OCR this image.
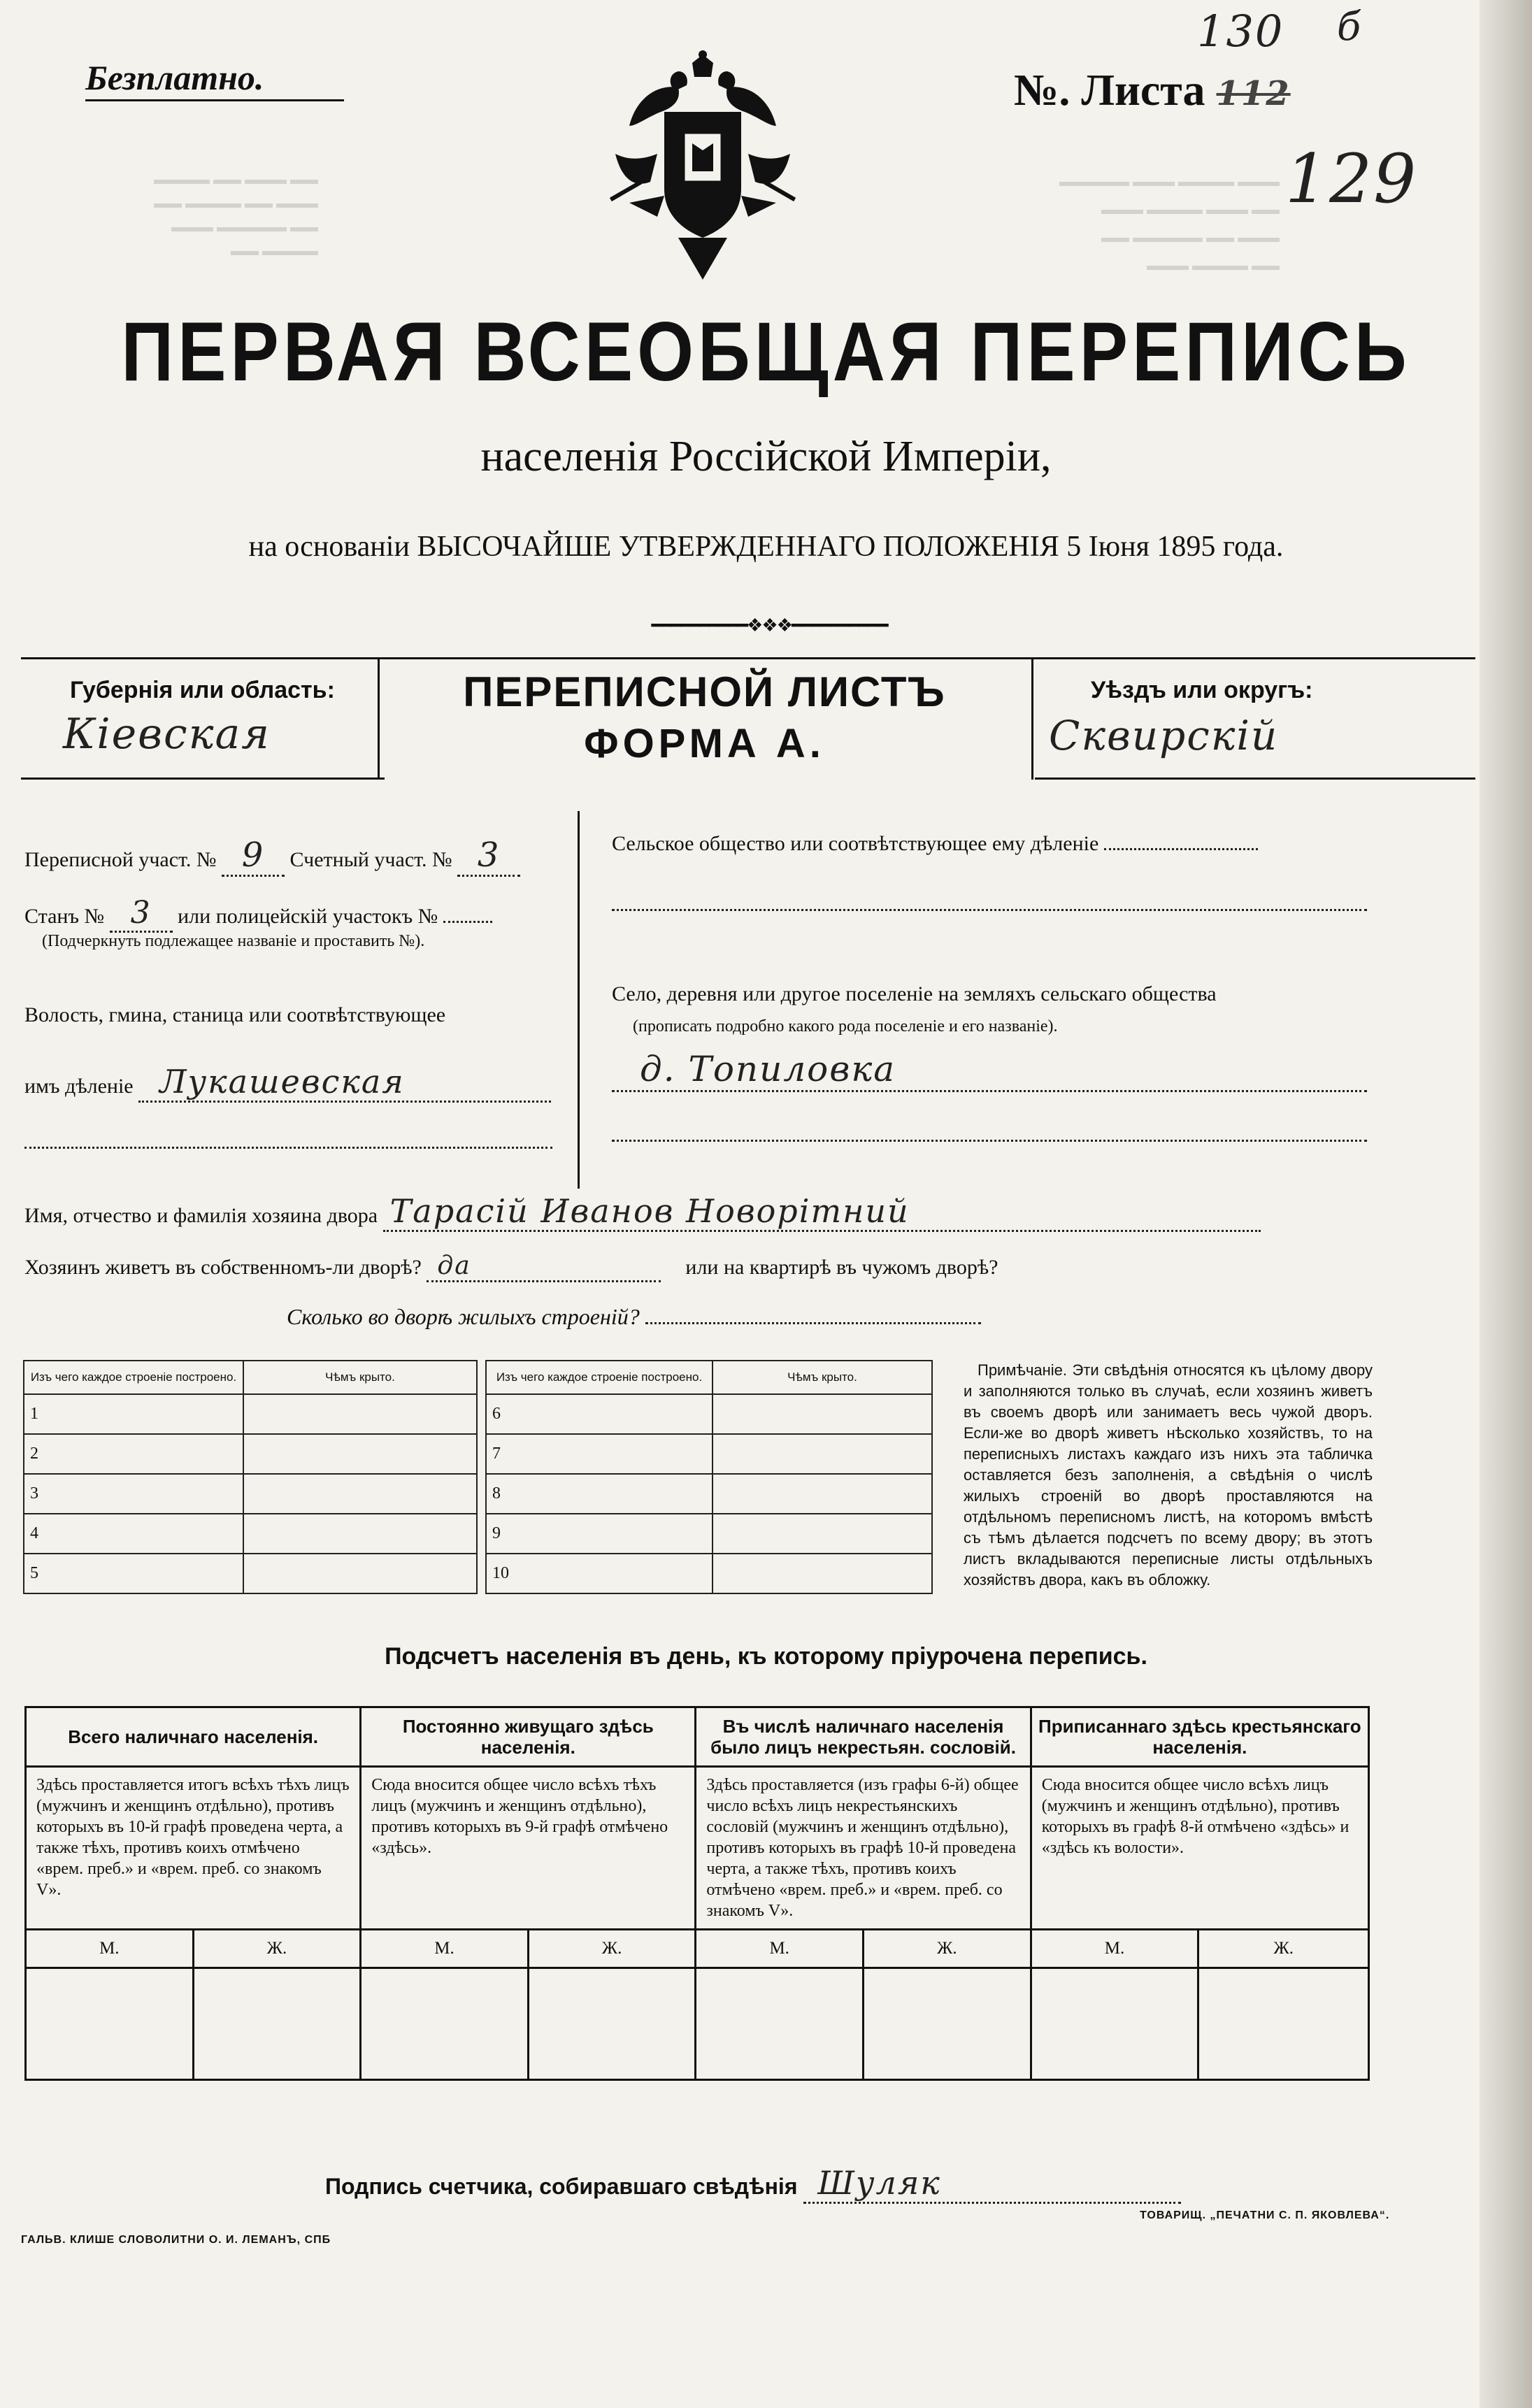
Безплатно.	№. Листа 112
130 б
129
▬▬ ▬▬▬ ▬▬ ▬▬▬▬
▬▬▬ ▬▬ ▬▬▬▬ ▬▬
▬▬ ▬▬▬▬▬ ▬▬▬
▬▬▬▬ ▬▬
▬▬▬ ▬▬▬▬ ▬▬▬ ▬▬▬▬▬
▬▬ ▬▬▬ ▬▬▬▬ ▬▬▬
▬▬▬ ▬▬ ▬▬▬▬▬ ▬▬
▬▬ ▬▬▬▬ ▬▬▬
ПЕРВАЯ ВСЕОБЩАЯ ПЕРЕПИСЬ
населенія Россійской Имперіи,
на основаніи ВЫСОЧАЙШЕ УТВЕРЖДЕННАГО ПОЛОЖЕНІЯ 5 Іюня 1895 года.
━━━━━━━━━━❖❖❖━━━━━━━━━━
Губернія или область:
Кіевская
ПЕРЕПИСНОЙ ЛИСТЪ
ФОРМА А.
Уѣздъ или округъ:
Сквирскій
Переписной участ. № 9 Счетный участ. № 3
Станъ № 3 или полицейскій участокъ №
(Подчеркнуть подлежащее названіе и проставить №).
Волость, гмина, станица или соотвѣтствующее
имъ дѣленіе Лукашевская
Сельское общество или соотвѣтствующее ему дѣленіе
Село, деревня или другое поселеніе на земляхъ сельскаго общества
(прописать подробно какого рода поселеніе и его названіе).
д. Топиловка
Имя, отчество и фамилія хозяина двора Тарасій Иванов Новорітний
Хозяинъ живетъ въ собственномъ-ли дворѣ? да	или на квартирѣ въ чужомъ дворѣ?
Сколько во дворѣ жилыхъ строеній?
Изъ чего каждое строеніе построено.	Чѣмъ крыто.
1	
2	
3	
4	
5	
Изъ чего каждое строеніе построено.	Чѣмъ крыто.
6	
7	
8	
9	
10	
Примѣчаніе. Эти свѣдѣнія относятся къ цѣлому двору и заполняются только въ случаѣ, если хозяинъ живетъ въ своемъ дворѣ или занимаетъ весь чужой дворъ. Если-же во дворѣ живетъ нѣсколько хозяйствъ, то на переписныхъ листахъ каждаго изъ нихъ эта табличка оставляется безъ заполненія, а свѣдѣнія о числѣ жилыхъ строеній во дворѣ проставляются на отдѣльномъ переписномъ листѣ, на которомъ вмѣстѣ съ тѣмъ дѣлается подсчетъ по всему двору; въ этотъ листъ вкладываются переписные листы отдѣльныхъ хозяйствъ двора, какъ въ обложку.
Подсчетъ населенія въ день, къ которому пріурочена перепись.
Всего наличнаго населенія.		Постоянно живущаго здѣсь населенія.		Въ числѣ наличнаго населенія было лицъ некрестьян. сословій.		Приписаннаго здѣсь крестьянскаго населенія.	
Здѣсь проставляется итогъ всѣхъ тѣхъ лицъ (мужчинъ и женщинъ отдѣльно), противъ которыхъ въ 10-й графѣ проведена черта, а также тѣхъ, противъ коихъ отмѣчено «врем. преб.» и «врем. преб. со знакомъ V».		Сюда вносится общее число всѣхъ тѣхъ лицъ (мужчинъ и женщинъ отдѣльно), противъ которыхъ въ 9-й графѣ отмѣчено «здѣсь».		Здѣсь проставляется (изъ графы 6-й) общее число всѣхъ лицъ некрестьянскихъ сословій (мужчинъ и женщинъ отдѣльно), противъ которыхъ въ графѣ 10-й проведена черта, а также тѣхъ, противъ коихъ отмѣчено «врем. преб.» и «врем. преб. со знакомъ V».		Сюда вносится общее число всѣхъ лицъ (мужчинъ и женщинъ отдѣльно), противъ которыхъ въ графѣ 8-й отмѣчено «здѣсь» и «здѣсь къ волости».	
М.	Ж.	М.	Ж.	М.	Ж.	М.	Ж.

Подпись счетчика, собиравшаго свѣдѣнія Шуляк
ГАЛЬВ. КЛИШЕ СЛОВОЛИТНИ О. И. ЛЕМАНЪ, СПБ
ТОВАРИЩ. „ПЕЧАТНИ С. П. ЯКОВЛЕВА“.
